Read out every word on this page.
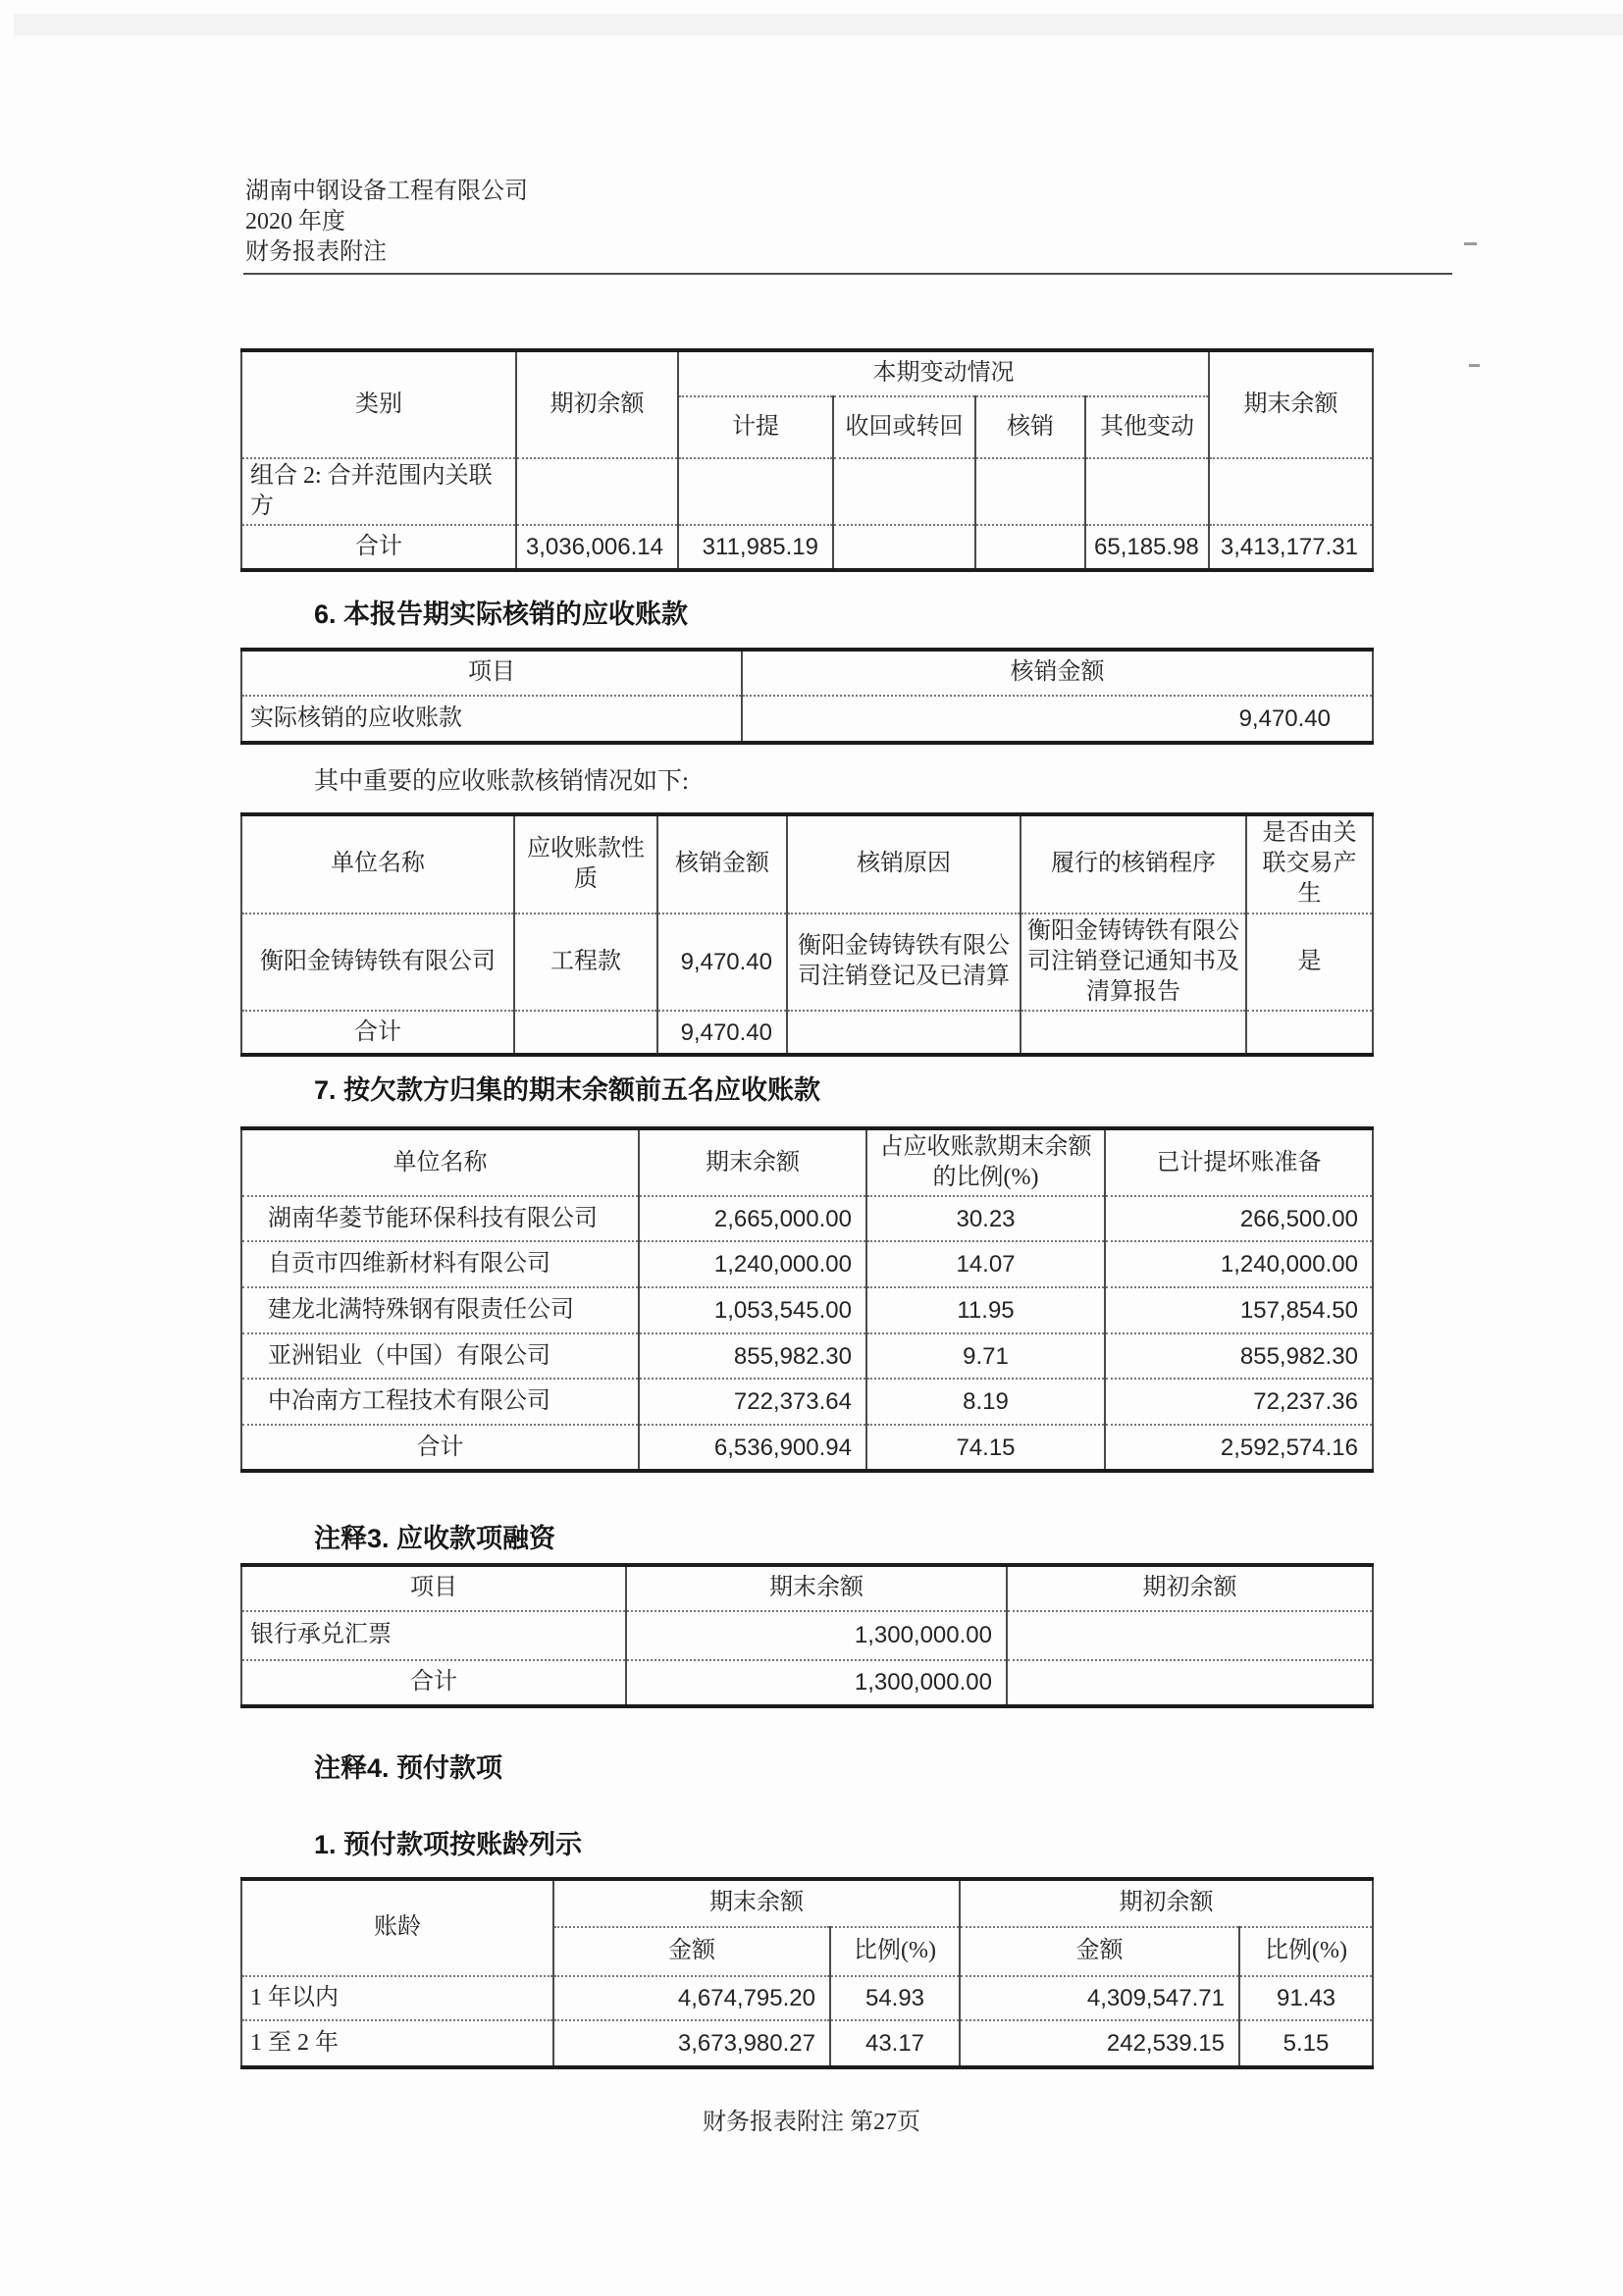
湖南中钢设备工程有限公司
2020 年度
财务报表附注
类别	期初余额	本期变动情况				期末余额
		计提	收回或转回	核销	其他变动	
组合 2: 合并范围内关联方						
合计	3,036,006.14	311,985.19			65,185.98	3,413,177.31
6. 本报告期实际核销的应收账款
项目	核销金额
实际核销的应收账款	9,470.40
其中重要的应收账款核销情况如下:
单位名称	应收账款性质	核销金额	核销原因	履行的核销程序	是否由关联交易产生
衡阳金铸铸铁有限公司	工程款	9,470.40	衡阳金铸铸铁有限公司注销登记及已清算	衡阳金铸铸铁有限公司注销登记通知书及清算报告	是
合计		9,470.40			
7. 按欠款方归集的期末余额前五名应收账款
单位名称	期末余额	占应收账款期末余额的比例(%)	已计提坏账准备
湖南华菱节能环保科技有限公司	2,665,000.00	30.23	266,500.00
自贡市四维新材料有限公司	1,240,000.00	14.07	1,240,000.00
建龙北满特殊钢有限责任公司	1,053,545.00	11.95	157,854.50
亚洲铝业（中国）有限公司	855,982.30	9.71	855,982.30
中冶南方工程技术有限公司	722,373.64	8.19	72,237.36
合计	6,536,900.94	74.15	2,592,574.16
注释3. 应收款项融资
项目	期末余额	期初余额
银行承兑汇票	1,300,000.00	
合计	1,300,000.00	
注释4. 预付款项
1. 预付款项按账龄列示
账龄	期末余额		期初余额	
	金额	比例(%)	金额	比例(%)
1 年以内	4,674,795.20	54.93	4,309,547.71	91.43
1 至 2 年	3,673,980.27	43.17	242,539.15	5.15
财务报表附注 第27页
